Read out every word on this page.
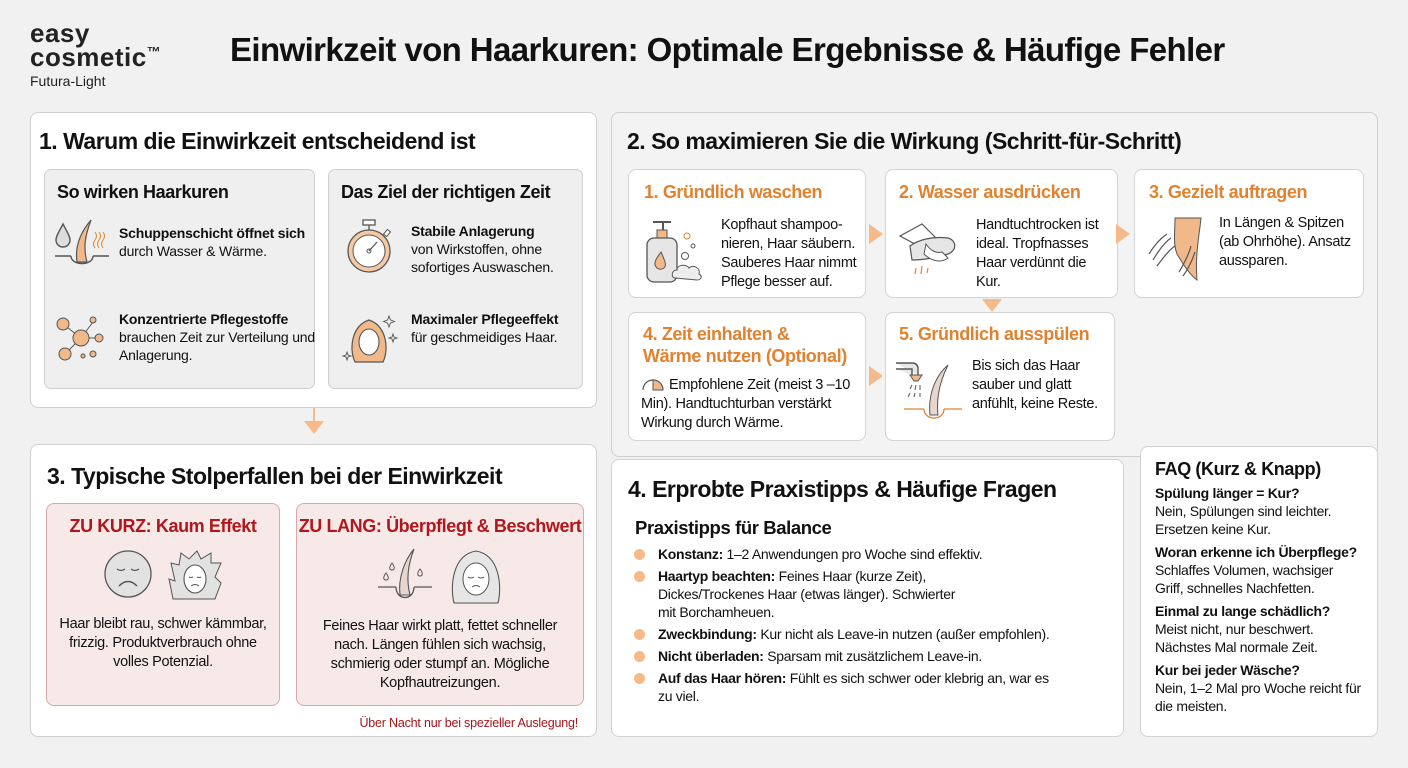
easy
cosmetic™
Futura-Light
Einwirkzeit von Haarkuren: Optimale Ergebnisse & Häufige Fehler
1. Warum die Einwirkzeit entscheidend ist
So wirken Haarkuren
Schuppenschicht öffnet sich
durch Wasser & Wärme.
Konzentrierte Pflegestoffe
brauchen Zeit zur Verteilung und Anlagerung.
Das Ziel der richtigen Zeit
Stabile Anlagerung
von Wirkstoffen, ohne sofortiges Auswaschen.
Maximaler Pflegeeffekt
für geschmeidiges Haar.
3. Typische Stolperfallen bei der Einwirkzeit
ZU KURZ: Kaum Effekt
Haar bleibt rau, schwer kämmbar, frizzig. Produktverbrauch ohne volles Potenzial.
ZU LANG: Überpflegt & Beschwert
Feines Haar wirkt platt, fettet schneller nach. Längen fühlen sich wachsig, schmierig oder stumpf an. Mögliche Kopfhautreizungen.
Über Nacht nur bei spezieller Auslegung!
2. So maximieren Sie die Wirkung (Schritt-für-Schritt)
1. Gründlich waschen
Kopfhaut shampoo-nieren, Haar säubern. Sauberes Haar nimmt Pflege besser auf.
2. Wasser ausdrücken
Handtuchtrocken ist ideal. Tropfnasses Haar verdünnt die Kur.
3. Gezielt auftragen
In Längen & Spitzen (ab Ohrhöhe). Ansatz aussparen.
4. Zeit einhalten &
Wärme nutzen (Optional)
Empfohlene Zeit (meist 3 –10 Min). Handtuchturban verstärkt Wirkung durch Wärme.
5. Gründlich ausspülen
Bis sich das Haar sauber und glatt anfühlt, keine Reste.
4. Erprobte Praxistipps & Häufige Fragen
Praxistipps für Balance
Konstanz: 1–2 Anwendungen pro Woche sind effektiv.
Haartyp beachten: Feines Haar (kurze Zeit), Dickes/Trockenes Haar (etwas länger). Schwierter mit Borchamheuen.
Zweckbindung: Kur nicht als Leave-in nutzen (außer empfohlen).
Nicht überladen: Sparsam mit zusätzlichem Leave-in.
Auf das Haar hören: Fühlt es sich schwer oder klebrig an, war es zu viel.
FAQ (Kurz & Knapp)
Spülung länger = Kur?
Nein, Spülungen sind leichter. Ersetzen keine Kur.
Woran erkenne ich Überpflege?
Schlaffes Volumen, wachsiger Griff, schnelles Nachfetten.
Einmal zu lange schädlich?
Meist nicht, nur beschwert. Nächstes Mal normale Zeit.
Kur bei jeder Wäsche?
Nein, 1–2 Mal pro Woche reicht für die meisten.
